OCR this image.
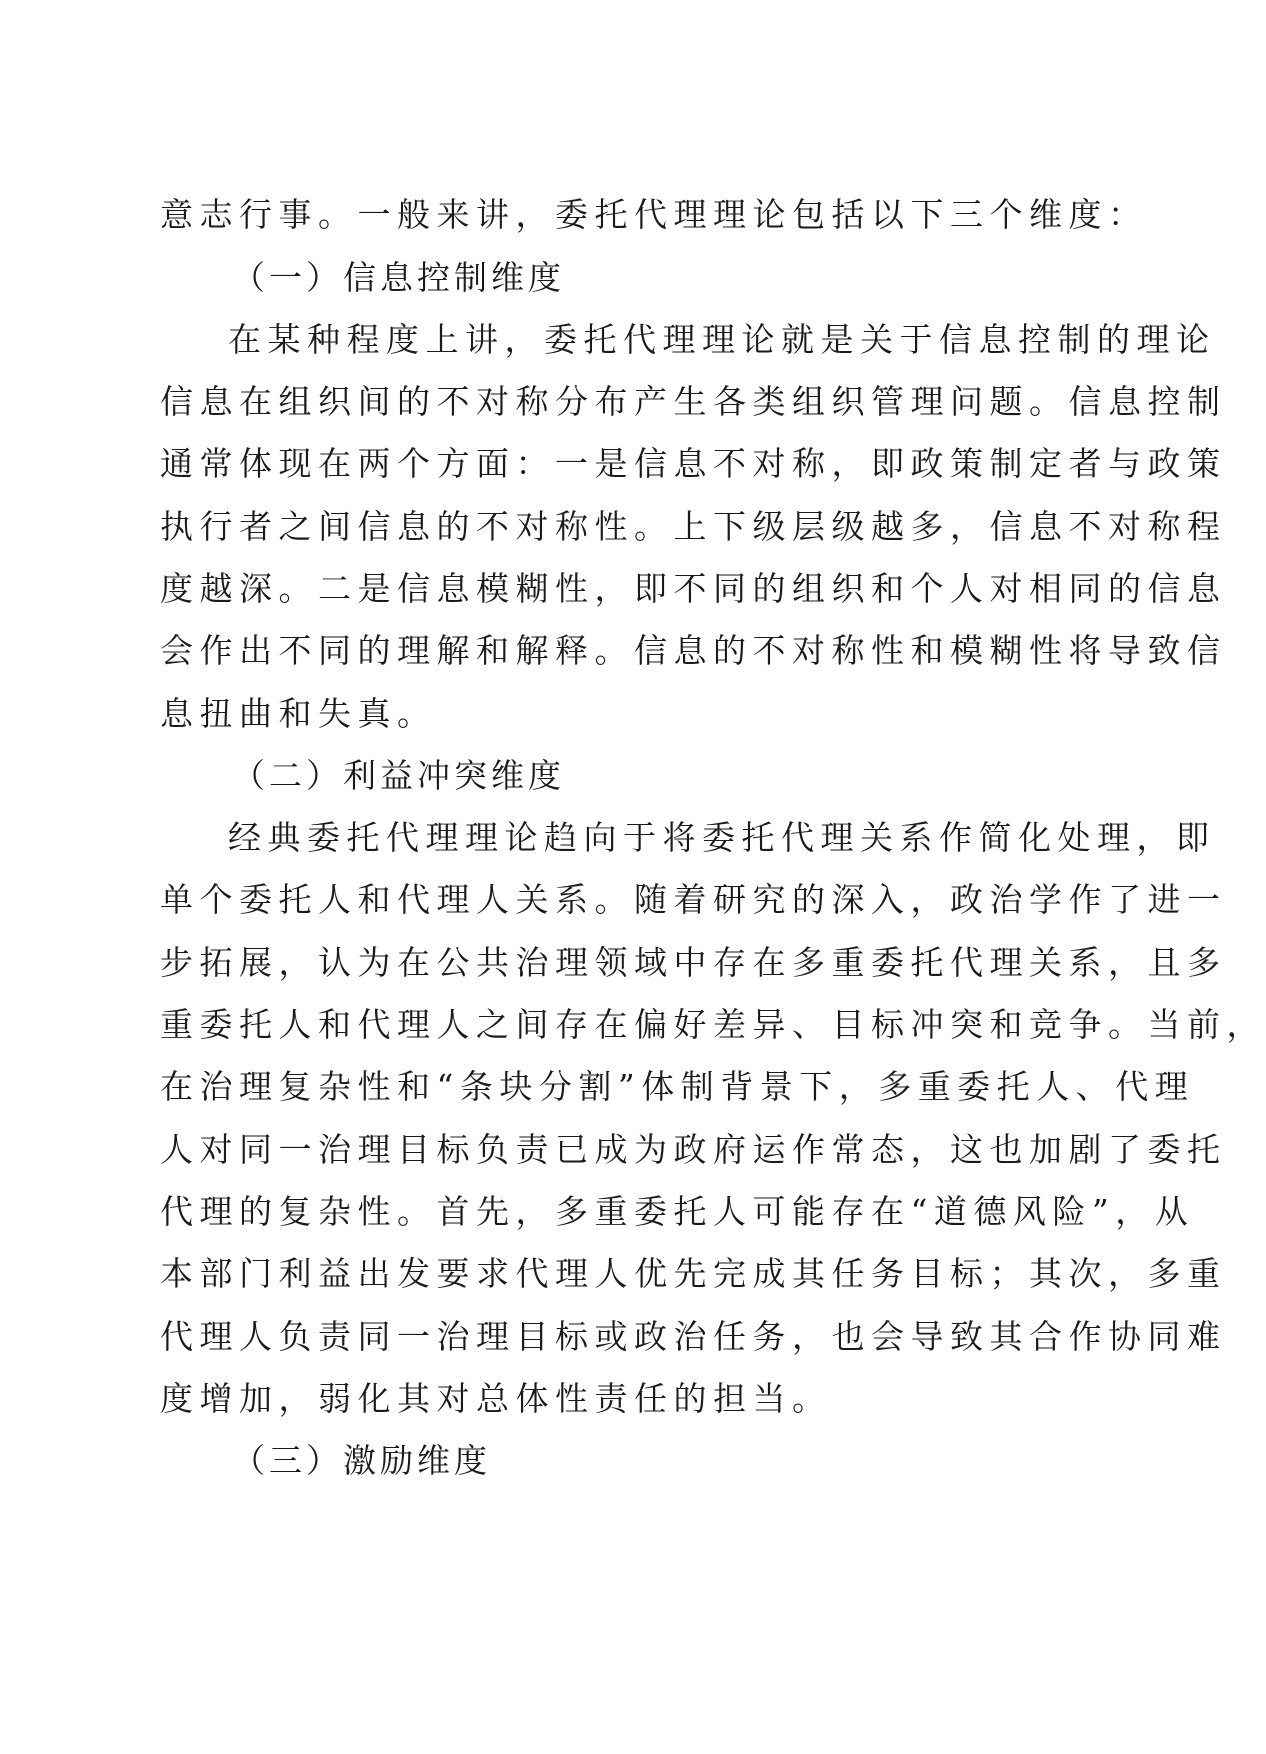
意志行事。一般来讲，委托代理理论包括以下三个维度：
（一）信息控制维度
在某种程度上讲，委托代理理论就是关于信息控制的理论
信息在组织间的不对称分布产生各类组织管理问题。信息控制
通常体现在两个方面：一是信息不对称，即政策制定者与政策
执行者之间信息的不对称性。上下级层级越多，信息不对称程
度越深。二是信息模糊性，即不同的组织和个人对相同的信息
会作出不同的理解和解释。信息的不对称性和模糊性将导致信
息扭曲和失真。
（二）利益冲突维度
经典委托代理理论趋向于将委托代理关系作简化处理，即
单个委托人和代理人关系。随着研究的深入，政治学作了进一
步拓展，认为在公共治理领域中存在多重委托代理关系，且多
重委托人和代理人之间存在偏好差异、目标冲突和竞争。当前，
在治理复杂性和“条块分割”体制背景下，多重委托人、代理
人对同一治理目标负责已成为政府运作常态，这也加剧了委托
代理的复杂性。首先，多重委托人可能存在“道德风险”，从
本部门利益出发要求代理人优先完成其任务目标；其次，多重
代理人负责同一治理目标或政治任务，也会导致其合作协同难
度增加，弱化其对总体性责任的担当。
（三）激励维度
